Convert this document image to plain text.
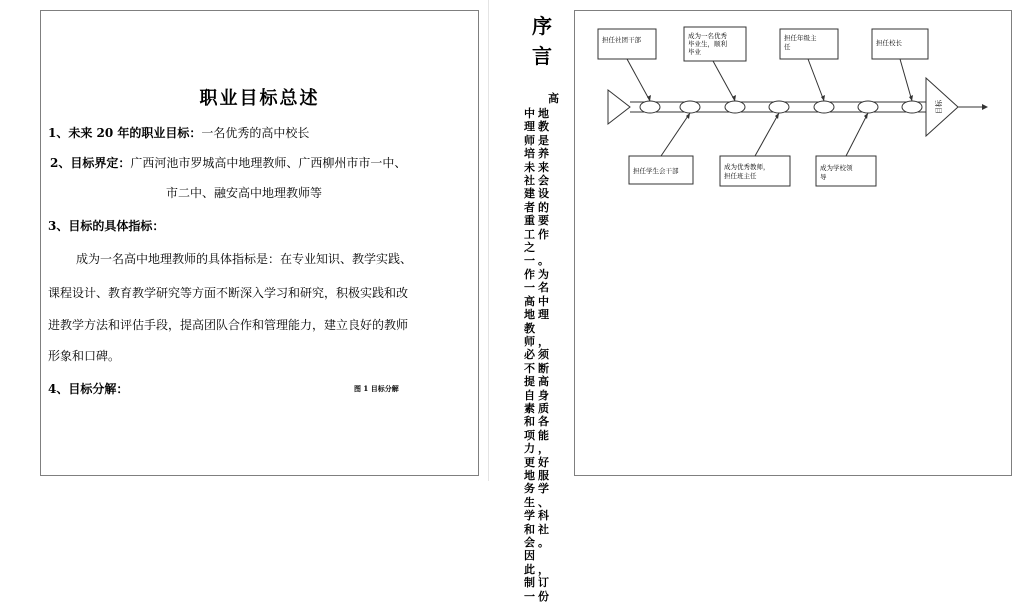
职业目标总述
1、未来 20 年的职业目标：一名优秀的高中校长
2、目标界定：广西河池市罗城高中地理教师、广西柳州市市一中、
市二中、融安高中地理教师等
3、目标的具体指标：
成为一名高中地理教师的具体指标是：在专业知识、教学实践、
课程设计、教育教学研究等方面不断深入学习和研究，积极实践和改
进教学方法和评估手段，提高团队合作和管理能力，建立良好的教师
形象和口碑。
4、目标分解：	图 1 目标分解
序
言
高
中地理教师是培养未来社会建设者的重要工作之一。作为一名高中地理教师，必须不断提高自身素质和各项能力，更好地服务学生、学科和社会。因此，制订一份
目标
担任社团干部	成为一名优秀 毕业生，顺利 毕业
担任年级主 任	担任校长
担任学生会干部	成为优秀教师， 担任班主任
成为学校领 导
